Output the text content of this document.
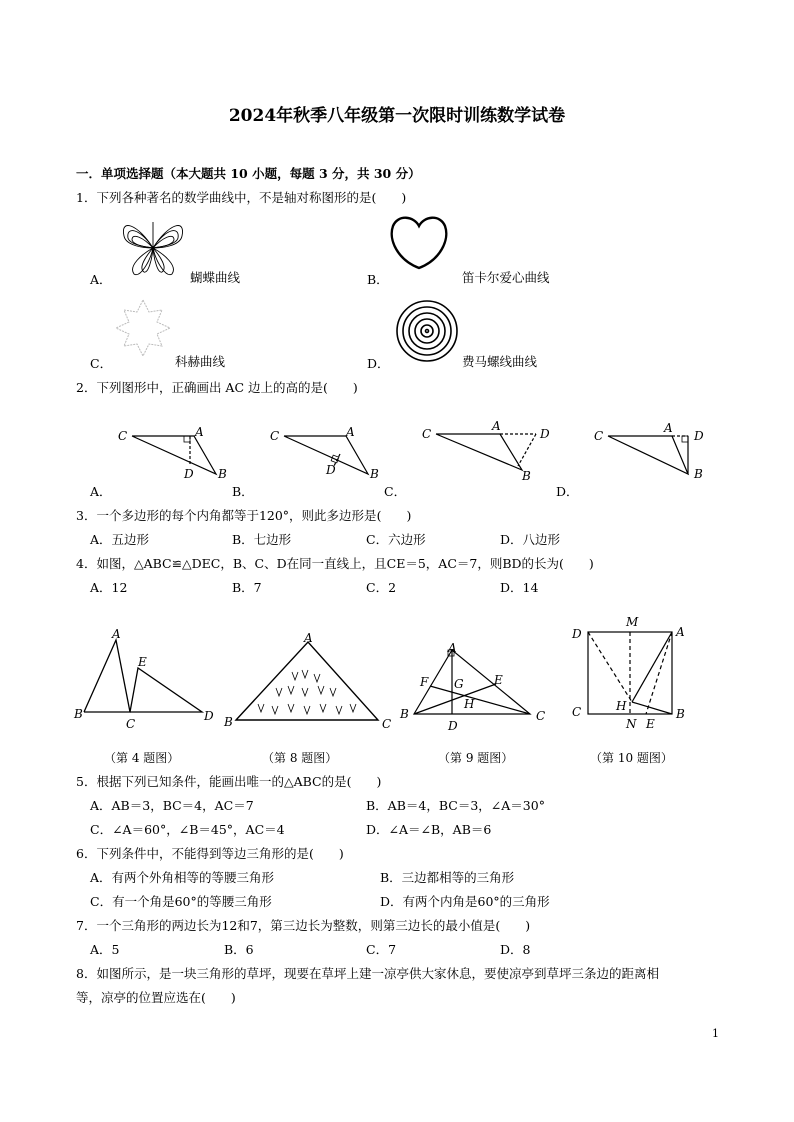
2024年秋季八年级第一次限时训练数学试卷
一．单项选择题（本大题共 10 小题，每题 3 分，共 30 分）
1．下列各种著名的数学曲线中，不是轴对称图形的是(　　)
A．	蝴蝶曲线	B．	笛卡尔爱心曲线
C．	科赫曲线	D．	费马螺线曲线
2．下列图形中，正确画出 AC 边上的高的是(　　)
C	A
B
D
A．
C	A
B
D
B．
C
A
D
B
C．
C
A
D
B
D．
3．一个多边形的每个内角都等于120°，则此多边形是(　　)
A．五边形	B．七边形	C．六边形	D．八边形
4．如图，△ABC≌△DEC，B、C、D在同一直线上，且CE＝5，AC＝7，则BD的长为(　　)
A．12	B．7	C．2	D．14
A
E
B
C
D
（第 4 题图）
A
B	C
（第 8 题图）
A
F G	E
H
B
D
C
（第 9 题图）
M
D	A
C	H
N E
B
（第 10 题图）
5．根据下列已知条件，能画出唯一的△ABC的是(　　)
A．AB＝3，BC＝4，AC＝7	B．AB＝4，BC＝3，∠A＝30°
C．∠A＝60°，∠B＝45°，AC＝4	D．∠A＝∠B，AB＝6
6．下列条件中，不能得到等边三角形的是(　　)
A．有两个外角相等的等腰三角形	B．三边都相等的三角形
C．有一个角是60°的等腰三角形	D．有两个内角是60°的三角形
7．一个三角形的两边长为12和7，第三边长为整数，则第三边长的最小值是(　　)
A．5	B．6	C．7	D．8
8．如图所示，是一块三角形的草坪，现要在草坪上建一凉亭供大家休息，要使凉亭到草坪三条边的距离相
等，凉亭的位置应选在(　　)
1
